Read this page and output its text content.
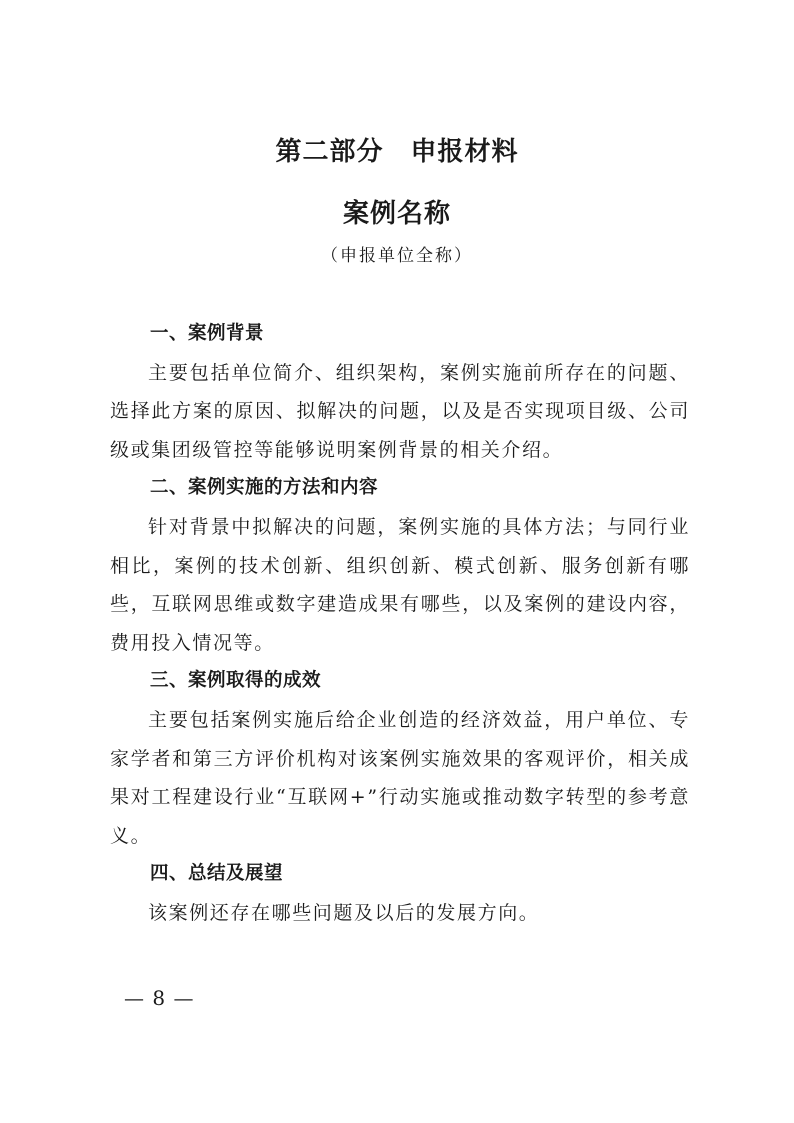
第二部分　申报材料
案例名称
（申报单位全称）
一、案例背景
主要包括单位简介、组织架构，案例实施前所存在的问题、选择此方案的原因、拟解决的问题，以及是否实现项目级、公司级或集团级管控等能够说明案例背景的相关介绍。
二、案例实施的方法和内容
针对背景中拟解决的问题，案例实施的具体方法；与同行业相比，案例的技术创新、组织创新、模式创新、服务创新有哪些，互联网思维或数字建造成果有哪些，以及案例的建设内容，费用投入情况等。
三、案例取得的成效
主要包括案例实施后给企业创造的经济效益，用户单位、专家学者和第三方评价机构对该案例实施效果的客观评价，相关成果对工程建设行业“互联网+”行动实施或推动数字转型的参考意义。
四、总结及展望
该案例还存在哪些问题及以后的发展方向。
— 8 —
